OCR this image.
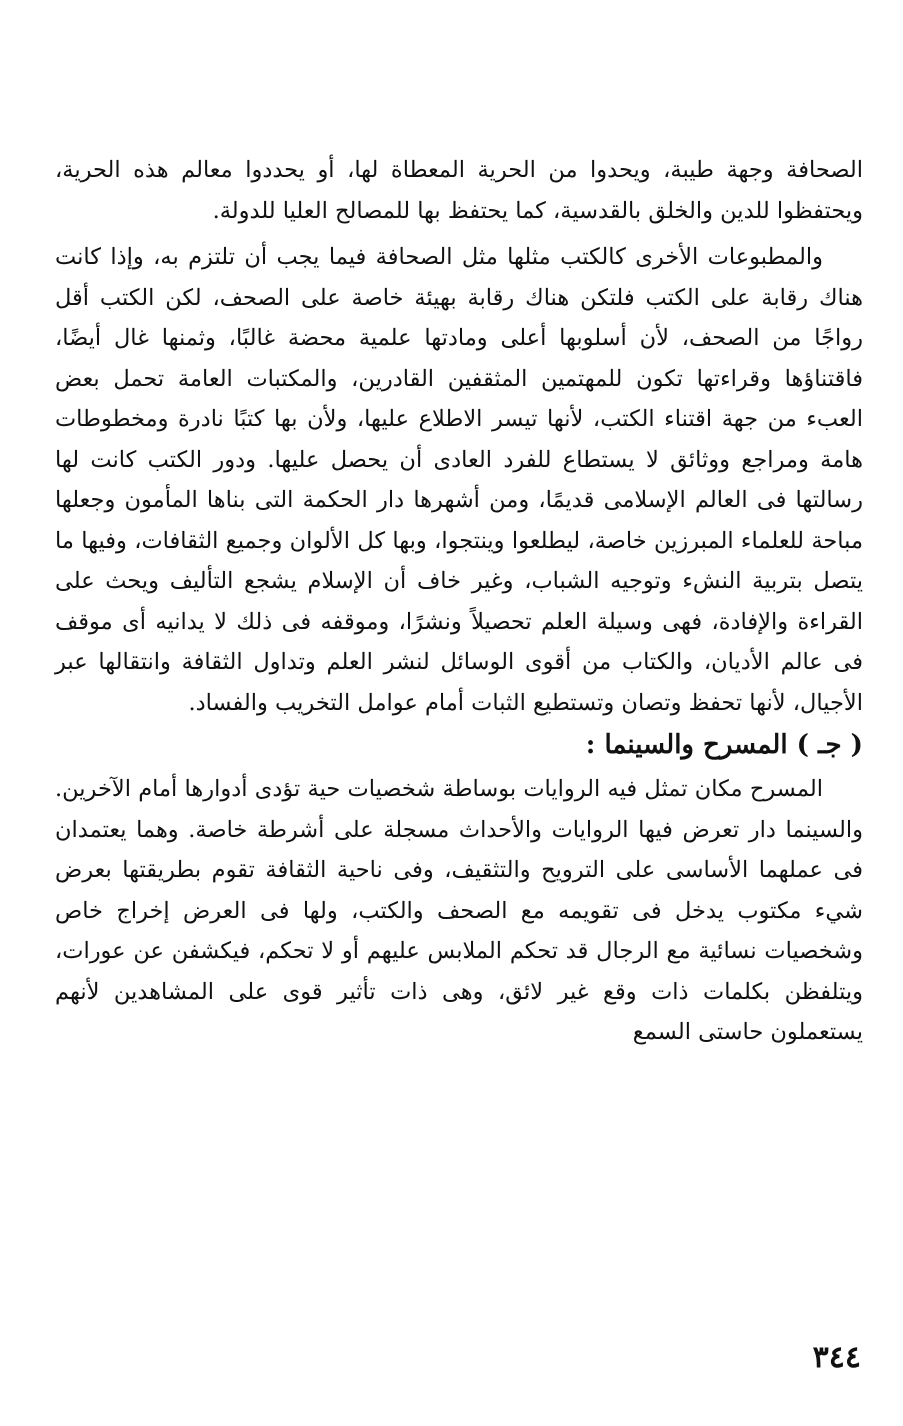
الصحافة وجهة طيبة، ويحدوا من الحرية المعطاة لها، أو يحددوا معالم هذه الحرية، ويحتفظوا للدين والخلق بالقدسية، كما يحتفظ بها للمصالح العليا للدولة.

والمطبوعات الأخرى كالكتب مثلها مثل الصحافة فيما يجب أن تلتزم به، وإذا كانت هناك رقابة على الكتب فلتكن هناك رقابة بهيئة خاصة على الصحف، لكن الكتب أقل رواجًا من الصحف، لأن أسلوبها أعلى ومادتها علمية محضة غالبًا، وثمنها غال أيضًا، فاقتناؤها وقراءتها تكون للمهتمين المثقفين القادرين، والمكتبات العامة تحمل بعض العبء من جهة اقتناء الكتب، لأنها تيسر الاطلاع عليها، ولأن بها كتبًا نادرة ومخطوطات هامة ومراجع ووثائق لا يستطاع للفرد العادى أن يحصل عليها. ودور الكتب كانت لها رسالتها فى العالم الإسلامى قديمًا، ومن أشهرها دار الحكمة التى بناها المأمون وجعلها مباحة للعلماء المبرزين خاصة، ليطلعوا وينتجوا، وبها كل الألوان وجميع الثقافات، وفيها ما يتصل بتربية النشء وتوجيه الشباب، وغير خاف أن الإسلام يشجع التأليف ويحث على القراءة والإفادة، فهى وسيلة العلم تحصيلاً ونشرًا، وموقفه فى ذلك لا يدانيه أى موقف فى عالم الأديان، والكتاب من أقوى الوسائل لنشر العلم وتداول الثقافة وانتقالها عبر الأجيال، لأنها تحفظ وتصان وتستطيع الثبات أمام عوامل التخريب والفساد.

( جـ ) المسرح والسينما :

المسرح مكان تمثل فيه الروايات بوساطة شخصيات حية تؤدى أدوارها أمام الآخرين. والسينما دار تعرض فيها الروايات والأحداث مسجلة على أشرطة خاصة. وهما يعتمدان فى عملهما الأساسى على الترويح والتثقيف، وفى ناحية الثقافة تقوم بطريقتها بعرض شيء مكتوب يدخل فى تقويمه مع الصحف والكتب، ولها فى العرض إخراج خاص وشخصيات نسائية مع الرجال قد تحكم الملابس عليهم أو لا تحكم، فيكشفن عن عورات، ويتلفظن بكلمات ذات وقع غير لائق، وهى ذات تأثير قوى على المشاهدين لأنهم يستعملون حاستى السمع

٣٤٤
